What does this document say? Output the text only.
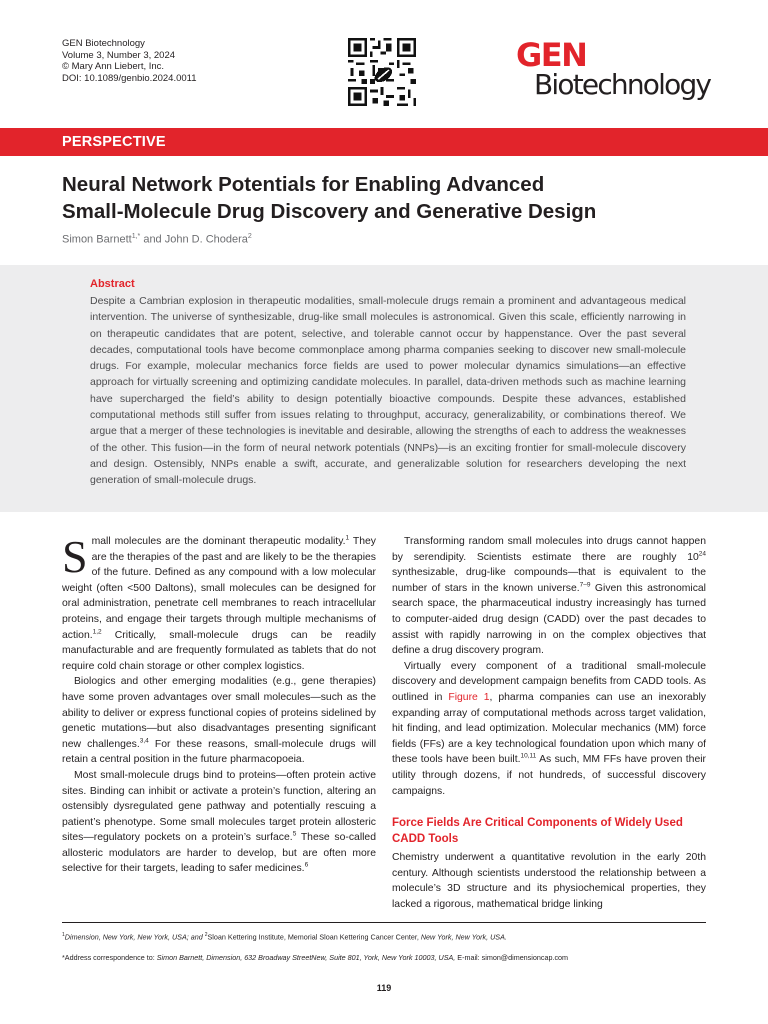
GEN Biotechnology
Volume 3, Number 3, 2024
© Mary Ann Liebert, Inc.
DOI: 10.1089/genbio.2024.0011
GEN
Biotechnology
PERSPECTIVE
Neural Network Potentials for Enabling Advanced
Small-Molecule Drug Discovery and Generative Design
Simon Barnett$^{1,*}$ and John D. Chodera$^2$
Abstract
Despite a Cambrian explosion in therapeutic modalities, small-molecule drugs remain a prominent and advantageous medical intervention. The universe of synthesizable, drug-like small molecules is astronomical. Given this scale, efficiently narrowing in on therapeutic candidates that are potent, selective, and tolerable cannot occur by happenstance. Over the past several decades, computational tools have become commonplace among pharma companies seeking to discover new small-molecule drugs. For example, molecular mechanics force fields are used to power molecular dynamics simulations—an effective approach for virtually screening and optimizing candidate molecules. In parallel, data-driven methods such as machine learning have supercharged the field’s ability to design potentially bioactive compounds. Despite these advances, established computational methods still suffer from issues relating to throughput, accuracy, generalizability, or combinations thereof. We argue that a merger of these technologies is inevitable and desirable, allowing the strengths of each to address the weaknesses of the other. This fusion—in the form of neural network potentials (NNPs)—is an exciting frontier for small-molecule discovery and design. Ostensibly, NNPs enable a swift, accurate, and generalizable solution for researchers developing the next generation of small-molecule drugs.

Small molecules are the dominant therapeutic modality.$^1$ They are the therapies of the past and are likely to be the therapies of the future. Defined as any compound with a low molecular weight (often <500 Daltons), small molecules can be designed for oral administration, penetrate cell membranes to reach intracellular proteins, and engage their targets through multiple mechanisms of action.$^{1,2}$ Critically, small-molecule drugs can be readily manufacturable and are frequently formulated as tablets that do not require cold chain storage or other complex logistics.

Biologics and other emerging modalities (e.g., gene therapies) have some proven advantages over small molecules—such as the ability to deliver or express functional copies of proteins sidelined by genetic mutations—but also disadvantages presenting significant new challenges.$^{3,4}$ For these reasons, small-molecule drugs will retain a central position in the future pharmacopoeia.

Most small-molecule drugs bind to proteins—often protein active sites. Binding can inhibit or activate a protein’s function, altering an ostensibly dysregulated gene pathway and potentially rescuing a patient’s phenotype. Some small molecules target protein allosteric sites—regulatory pockets on a protein’s surface.$^5$ These so-called allosteric modulators are harder to develop, but are often more selective for their targets, leading to safer medicines.$^6$

Transforming random small molecules into drugs cannot happen by serendipity. Scientists estimate there are roughly $10^{24}$ synthesizable, drug-like compounds—that is equivalent to the number of stars in the known universe.$^{7-9}$ Given this astronomical search space, the pharmaceutical industry increasingly has turned to computer-aided drug design (CADD) over the past decades to assist with rapidly narrowing in on the complex objectives that define a drug discovery program.

Virtually every component of a traditional small-molecule discovery and development campaign benefits from CADD tools. As outlined in Figure 1, pharma companies can use an inexorably expanding array of computational methods across target validation, hit finding, and lead optimization. Molecular mechanics (MM) force fields (FFs) are a key technological foundation upon which many of these tools have been built.$^{10,11}$ As such, MM FFs have proven their utility through dozens, if not hundreds, of successful discovery campaigns.

Force Fields Are Critical Components of Widely Used CADD Tools

Chemistry underwent a quantitative revolution in the early 20th century. Although scientists understood the relationship between a molecule’s 3D structure and its physiochemical properties, they lacked a rigorous, mathematical bridge linking

$^1$Dimension, New York, New York, USA; and $^2$Sloan Kettering Institute, Memorial Sloan Kettering Cancer Center, New York, New York, USA.
*Address correspondence to: Simon Barnett, Dimension, 632 Broadway StreetNew, Suite 801, York, New York 10003, USA, E-mail: simon@dimensioncap.com
119
